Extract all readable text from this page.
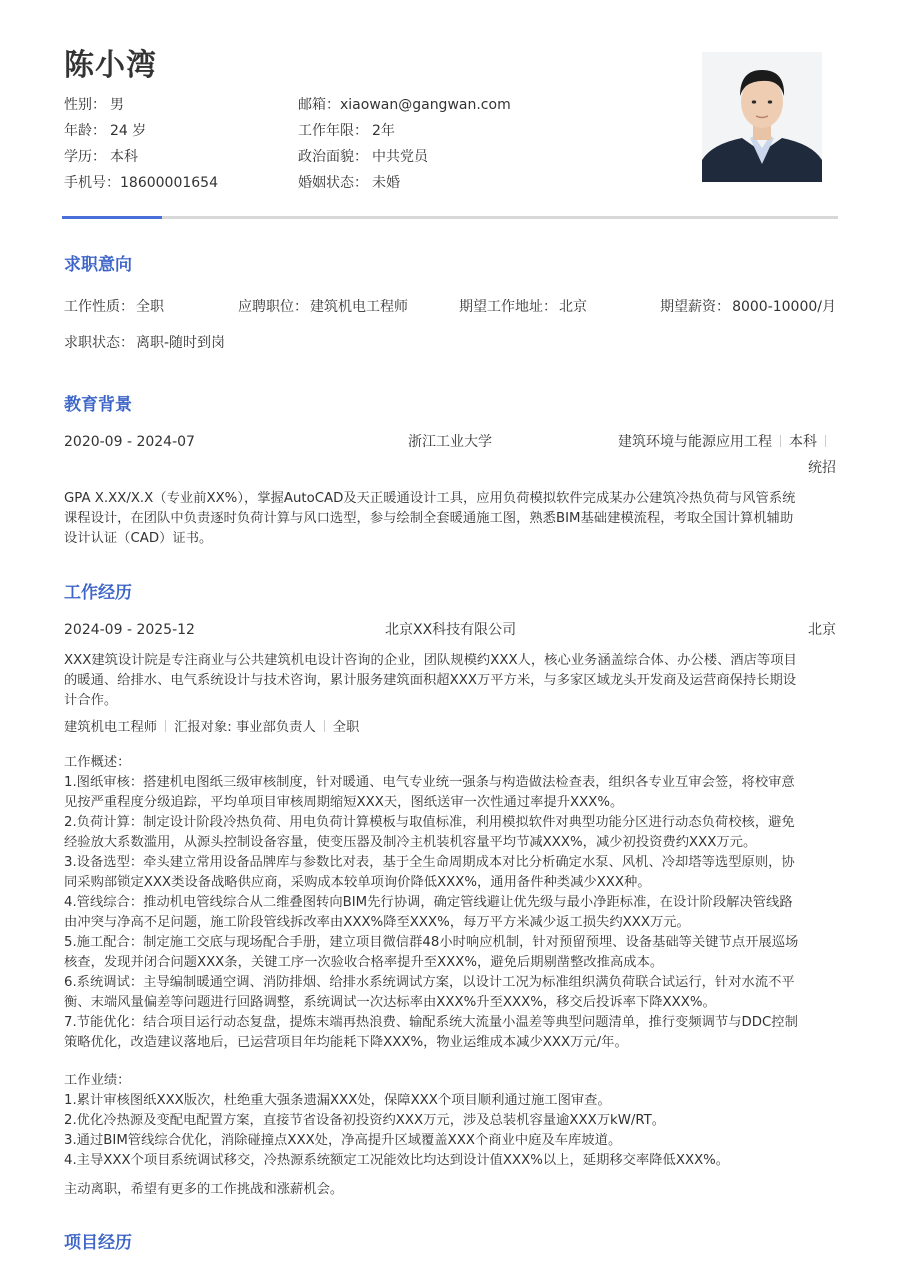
陈小湾
性别： 男	邮箱：xiaowan@gangwan.com
年龄： 24 岁	工作年限： 2年
学历： 本科	政治面貌： 中共党员
手机号：18600001654	婚姻状态： 未婚
求职意向
工作性质： 全职	应聘职位： 建筑机电工程师	期望工作地址： 北京	期望薪资： 8000-10000/月
求职状态： 离职-随时到岗
教育背景
2020-09 - 2024-07	浙江工业大学	建筑环境与能源应用工程 本科
统招
GPA X.XX/X.X（专业前XX%），掌握AutoCAD及天正暖通设计工具，应用负荷模拟软件完成某办公建筑冷热负荷与风管系统
课程设计，在团队中负责逐时负荷计算与风口选型，参与绘制全套暖通施工图，熟悉BIM基础建模流程，考取全国计算机辅助
设计认证（CAD）证书。
工作经历
2024-09 - 2025-12	北京XX科技有限公司	北京
XXX建筑设计院是专注商业与公共建筑机电设计咨询的企业，团队规模约XXX人，核心业务涵盖综合体、办公楼、酒店等项目
的暖通、给排水、电气系统设计与技术咨询，累计服务建筑面积超XXX万平方米，与多家区域龙头开发商及运营商保持长期设
计合作。
建筑机电工程师 汇报对象: 事业部负责人 全职
工作概述：
1.图纸审核：搭建机电图纸三级审核制度，针对暖通、电气专业统一强条与构造做法检查表，组织各专业互审会签，将校审意
见按严重程度分级追踪，平均单项目审核周期缩短XXX天，图纸送审一次性通过率提升XXX%。
2.负荷计算：制定设计阶段冷热负荷、用电负荷计算模板与取值标准，利用模拟软件对典型功能分区进行动态负荷校核，避免
经验放大系数滥用，从源头控制设备容量，使变压器及制冷主机装机容量平均节减XXX%，减少初投资费约XXX万元。
3.设备选型：牵头建立常用设备品牌库与参数比对表，基于全生命周期成本对比分析确定水泵、风机、冷却塔等选型原则，协
同采购部锁定XXX类设备战略供应商，采购成本较单项询价降低XXX%，通用备件种类减少XXX种。
4.管线综合：推动机电管线综合从二维叠图转向BIM先行协调，确定管线避让优先级与最小净距标准，在设计阶段解决管线路
由冲突与净高不足问题，施工阶段管线拆改率由XXX%降至XXX%，每万平方米减少返工损失约XXX万元。
5.施工配合：制定施工交底与现场配合手册，建立项目微信群48小时响应机制，针对预留预埋、设备基础等关键节点开展巡场
核查，发现并闭合问题XXX条，关键工序一次验收合格率提升至XXX%，避免后期剔凿整改推高成本。
6.系统调试：主导编制暖通空调、消防排烟、给排水系统调试方案，以设计工况为标准组织满负荷联合试运行，针对水流不平
衡、末端风量偏差等问题进行回路调整，系统调试一次达标率由XXX%升至XXX%，移交后投诉率下降XXX%。
7.节能优化：结合项目运行动态复盘，提炼末端再热浪费、输配系统大流量小温差等典型问题清单，推行变频调节与DDC控制
策略优化，改造建议落地后，已运营项目年均能耗下降XXX%，物业运维成本减少XXX万元/年。
工作业绩：
1.累计审核图纸XXX版次，杜绝重大强条遗漏XXX处，保障XXX个项目顺利通过施工图审查。
2.优化冷热源及变配电配置方案，直接节省设备初投资约XXX万元，涉及总装机容量逾XXX万kW/RT。
3.通过BIM管线综合优化，消除碰撞点XXX处，净高提升区域覆盖XXX个商业中庭及车库坡道。
4.主导XXX个项目系统调试移交，冷热源系统额定工况能效比均达到设计值XXX%以上，延期移交率降低XXX%。
主动离职，希望有更多的工作挑战和涨薪机会。
项目经历
